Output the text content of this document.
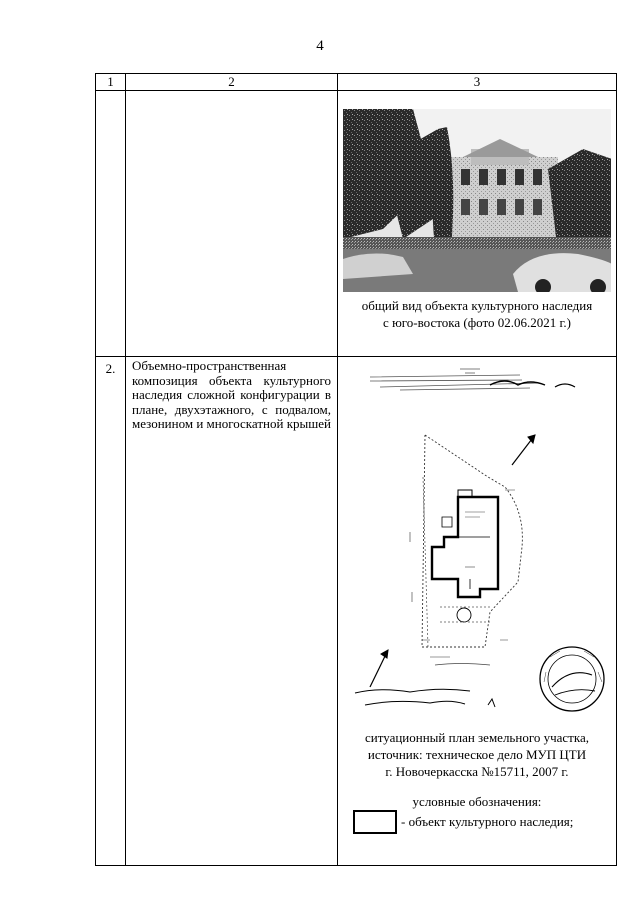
4
1	2	3

		общий вид объекта культурного наследия
с юго-востока (фото 02.06.2021 г.)

2.	Объемно-пространственная композиция объекта культурного наследия сложной конфигурации в плане, двухэтажного, с подвалом, мезонином и многоскатной крышей	ситуационный план земельного участка,
источник: техническое дело МУП ЦТИ
г. Новочеркасска №15711, 2007 г.
условные обозначения:
- объект культурного наследия;
